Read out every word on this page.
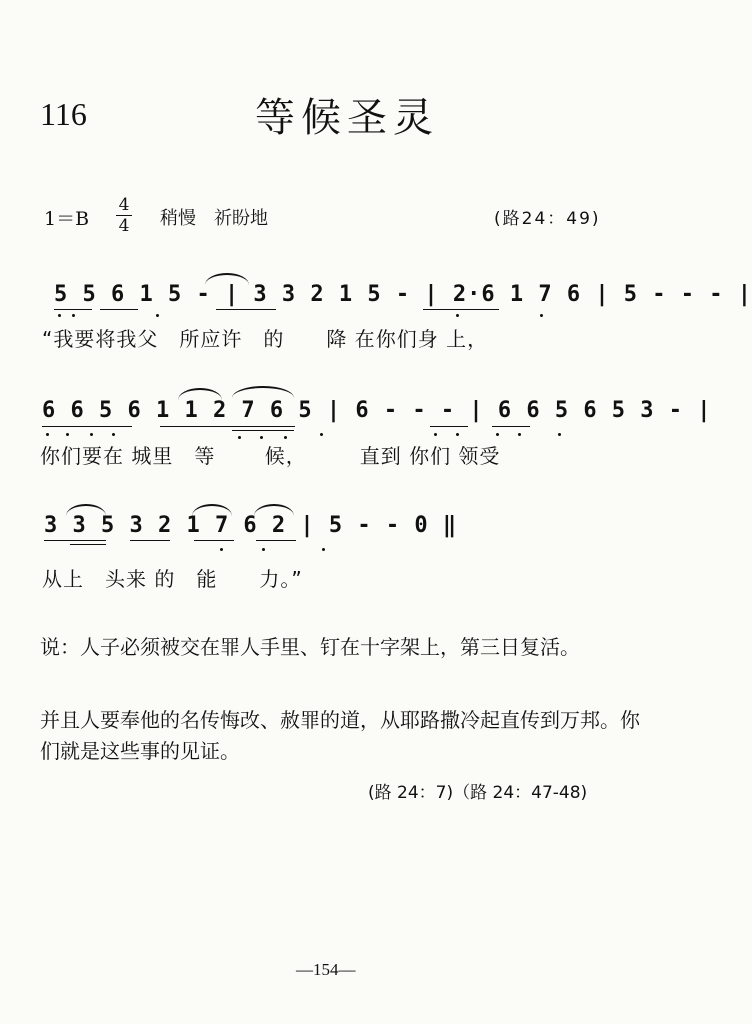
116	等候圣灵
1＝B
4
4 稍慢　祈盼地	(路24：49)
5 5 6 1 5 - | 3 3 2 1 5 - | 2·6 1 7 6 | 5 - - - |
“我要将我父　所应许　的　　降 在你们身 上，
6 6 5 6 1 1 2 7 6 5 | 6 - - - | 6 6 5 6 5 3 - |
你们要在 城里　等　　 候，　　　直到 你们 领受
3 3 5 3 2 1 7 6 2 | 5 - - 0 ‖
从上　头来 的　能　　力。”
说：人子必须被交在罪人手里、钉在十字架上，第三日复活。
并且人要奉他的名传悔改、赦罪的道，从耶路撒冷起直传到万邦。你们就是这些事的见证。
(路 24：7)（路 24：47-48)
—154—
